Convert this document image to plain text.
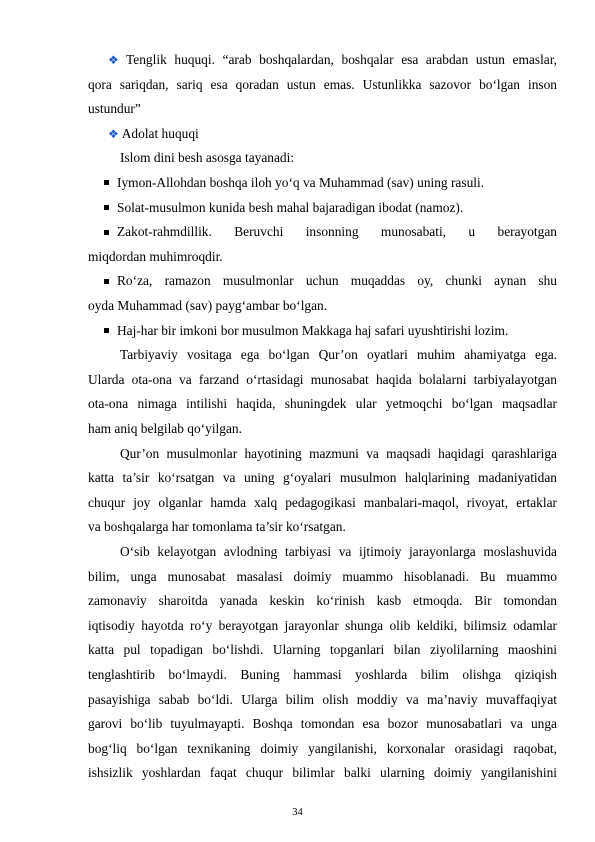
❖ Tenglik huquqi. “arab boshqalardan, boshqalar esa arabdan ustun emaslar,
qora sariqdan, sariq esa qoradan ustun emas. Ustunlikka sazovor bo‘lgan inson
ustundur”
❖ Adolat huquqi
Islom dini besh asosga tayanadi:
Iymon-Allohdan boshqa iloh yo‘q va Muhammad (sav) uning rasuli.
Solat-musulmon kunida besh mahal bajaradigan ibodat (namoz).
Zakot-rahmdillik. Beruvchi insonning munosabati, u berayotgan
miqdordan muhimroqdir.
Ro‘za, ramazon musulmonlar uchun muqaddas oy, chunki aynan shu
oyda Muhammad (sav) payg‘ambar bo‘lgan.
Haj-har bir imkoni bor musulmon Makkaga haj safari uyushtirishi lozim.
Tarbiyaviy vositaga ega bo‘lgan Qur’on oyatlari muhim ahamiyatga ega.
Ularda ota-ona va farzand o‘rtasidagi munosabat haqida bolalarni tarbiyalayotgan
ota-ona nimaga intilishi haqida, shuningdek ular yetmoqchi bo‘lgan maqsadlar
ham aniq belgilab qo‘yilgan.
Qur’on musulmonlar hayotining mazmuni va maqsadi haqidagi qarashlariga
katta ta’sir ko‘rsatgan va uning g‘oyalari musulmon halqlarining madaniyatidan
chuqur joy olganlar hamda xalq pedagogikasi manbalari-maqol, rivoyat, ertaklar
va boshqalarga har tomonlama ta’sir ko‘rsatgan.
O‘sib kelayotgan avlodning tarbiyasi va ijtimoiy jarayonlarga moslashuvida
bilim, unga munosabat masalasi doimiy muammo hisoblanadi. Bu muammo
zamonaviy sharoitda yanada keskin ko‘rinish kasb etmoqda. Bir tomondan
iqtisodiy hayotda ro‘y berayotgan jarayonlar shunga olib keldiki, bilimsiz odamlar
katta pul topadigan bo‘lishdi. Ularning topganlari bilan ziyolilarning maoshini
tenglashtirib bo‘lmaydi. Buning hammasi yoshlarda bilim olishga qiziqish
pasayishiga sabab bo‘ldi. Ularga bilim olish moddiy va ma’naviy muvaffaqiyat
garovi bo‘lib tuyulmayapti. Boshqa tomondan esa bozor munosabatlari va unga
bog‘liq bo‘lgan texnikaning doimiy yangilanishi, korxonalar orasidagi raqobat,
ishsizlik yoshlardan faqat chuqur bilimlar balki ularning doimiy yangilanishini
34
